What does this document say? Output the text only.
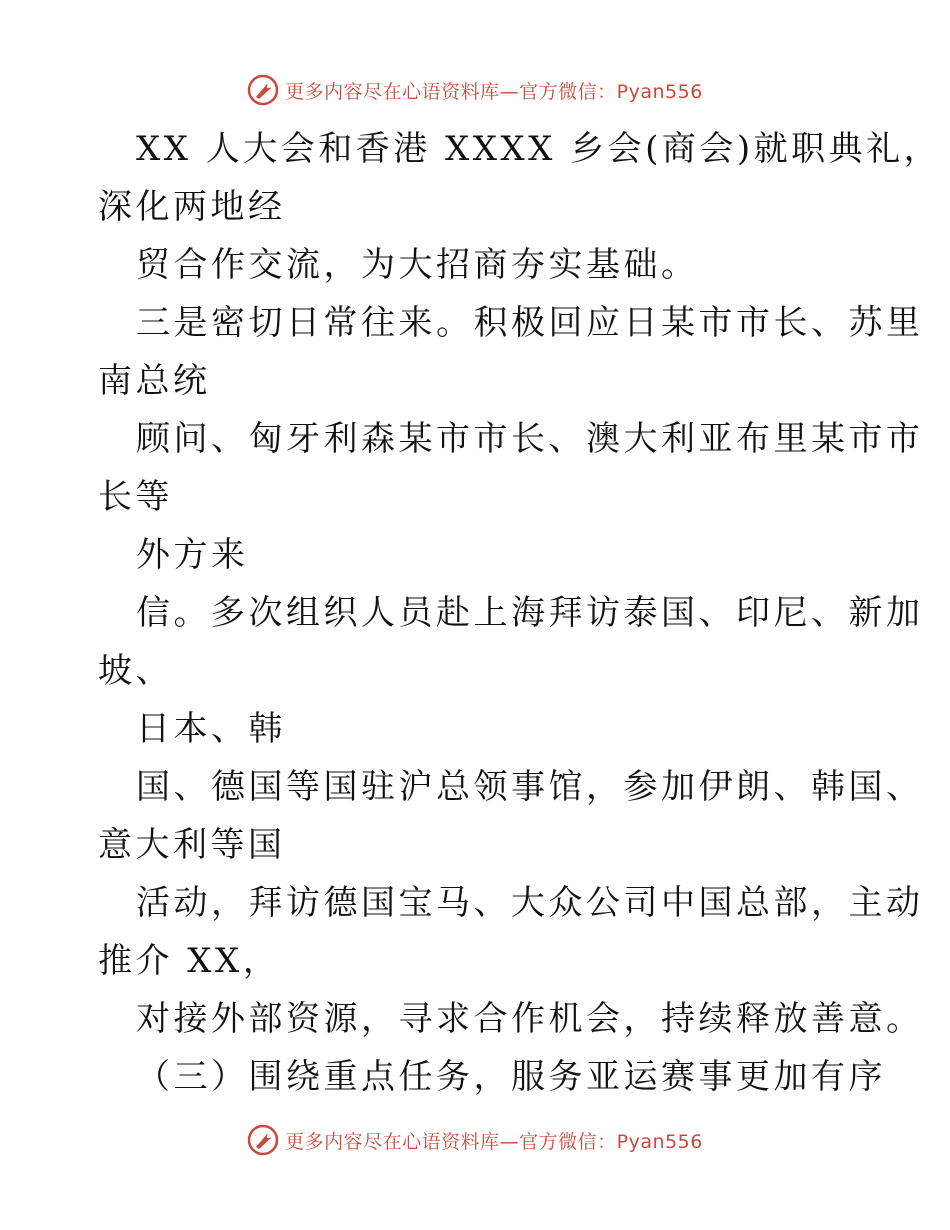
更多内容尽在心语资料库—官方微信：Pyan556
XX 人大会和香港 XXXX 乡会(商会)就职典礼，
深化两地经
贸合作交流，为大招商夯实基础。
三是密切日常往来。积极回应日某市市长、苏里
南总统
顾问、匈牙利森某市市长、澳大利亚布里某市市
长等
外方来
信。多次组织人员赴上海拜访泰国、印尼、新加
坡、
日本、韩
国、德国等国驻沪总领事馆，参加伊朗、韩国、
意大利等国
活动，拜访德国宝马、大众公司中国总部，主动
推介 XX，
对接外部资源，寻求合作机会，持续释放善意。
（三）围绕重点任务，服务亚运赛事更加有序
更多内容尽在心语资料库—官方微信：Pyan556
